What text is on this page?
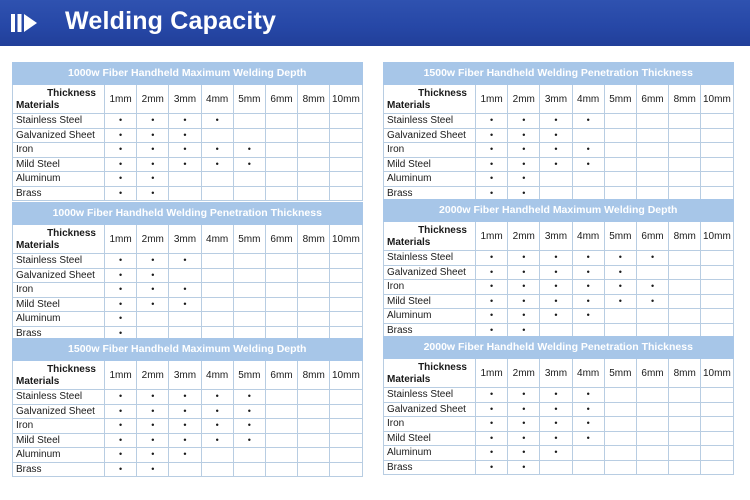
Welding Capacity
1000w Fiber Handheld Maximum Welding Depth								

Thickness
Materials	1mm	2mm	3mm	4mm	5mm	6mm	8mm	10mm
Stainless Steel	•	•	•	•				
Galvanized Sheet	•	•	•					
Iron	•	•	•	•	•			
Mild Steel	•	•	•	•	•			
Aluminum	•	•						
Brass	•	•						
1000w Fiber Handheld Welding Penetration Thickness								

Thickness
Materials	1mm	2mm	3mm	4mm	5mm	6mm	8mm	10mm
Stainless Steel	•	•	•					
Galvanized Sheet	•	•						
Iron	•	•	•					
Mild Steel	•	•	•					
Aluminum	•							
Brass	•							
1500w Fiber Handheld Maximum Welding Depth								

Thickness
Materials	1mm	2mm	3mm	4mm	5mm	6mm	8mm	10mm
Stainless Steel	•	•	•	•	•			
Galvanized Sheet	•	•	•	•	•			
Iron	•	•	•	•	•			
Mild Steel	•	•	•	•	•			
Aluminum	•	•	•					
Brass	•	•						
1500w Fiber Handheld Welding Penetration Thickness								

Thickness
Materials	1mm	2mm	3mm	4mm	5mm	6mm	8mm	10mm
Stainless Steel	•	•	•	•				
Galvanized Sheet	•	•	•					
Iron	•	•	•	•				
Mild Steel	•	•	•	•				
Aluminum	•	•						
Brass	•	•						
2000w Fiber Handheld Maximum Welding Depth								

Thickness
Materials	1mm	2mm	3mm	4mm	5mm	6mm	8mm	10mm
Stainless Steel	•	•	•	•	•	•		
Galvanized Sheet	•	•	•	•	•			
Iron	•	•	•	•	•	•		
Mild Steel	•	•	•	•	•	•		
Aluminum	•	•	•	•				
Brass	•	•						
2000w Fiber Handheld Welding Penetration Thickness								

Thickness
Materials	1mm	2mm	3mm	4mm	5mm	6mm	8mm	10mm
Stainless Steel	•	•	•	•				
Galvanized Sheet	•	•	•	•				
Iron	•	•	•	•				
Mild Steel	•	•	•	•				
Aluminum	•	•	•					
Brass	•	•						
